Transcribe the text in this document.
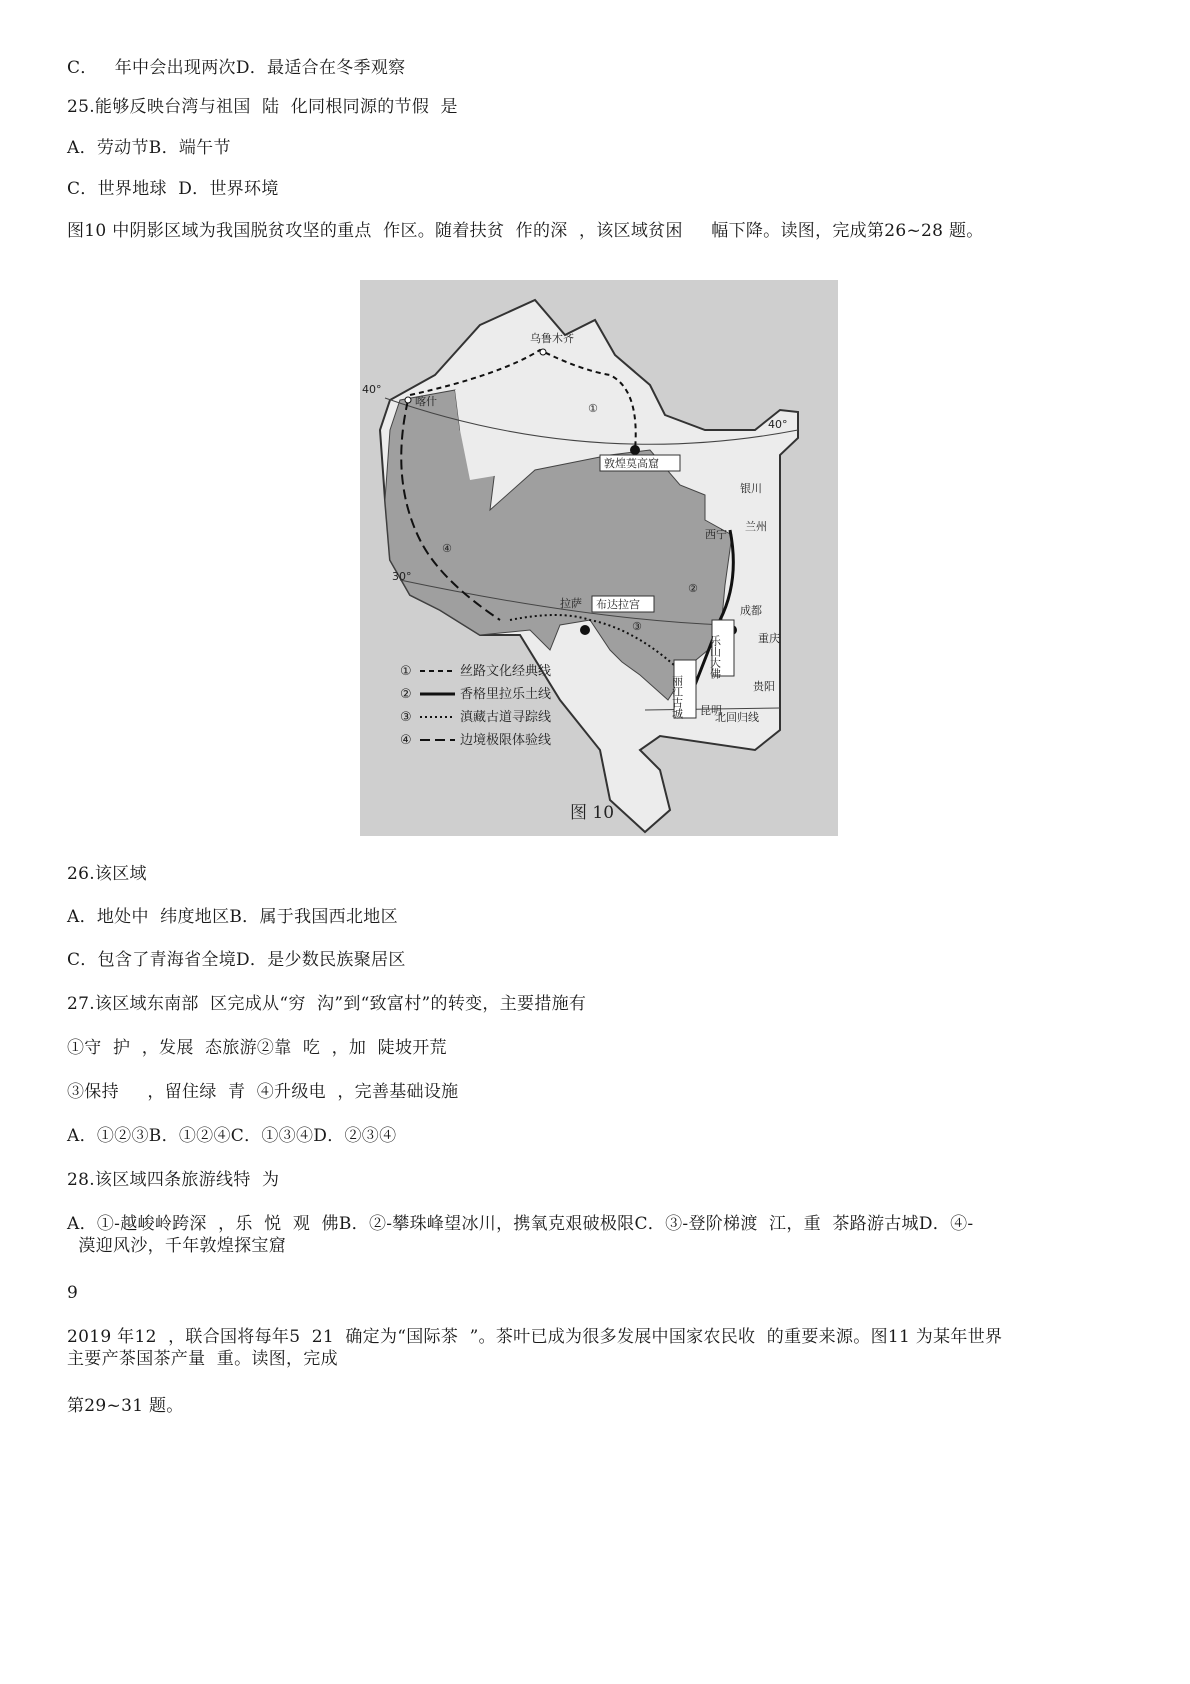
C．   年中会出现两次D．最适合在冬季观察
25.能够反映台湾与祖国  陆  化同根同源的节假  是
A．劳动节B．端午节
C．世界地球  D．世界环境
图10 中阴影区域为我国脱贫攻坚的重点  作区。随着扶贫  作的深  ，该区域贫困     幅下降。读图，完成第26~28 题。
乌鲁木齐
敦煌莫高窟
喀什
银川
兰州
西宁
拉萨 布达拉宫	成都
重庆
贵阳
昆明
北回归线
丽江古城
乐山大佛
40°
40°
30°
①
②
③
④
①	丝路文化经典线
②	香格里拉乐土线
③	滇藏古道寻踪线
④	边境极限体验线
图 10
26.该区域
A．地处中  纬度地区B．属于我国西北地区
C．包含了青海省全境D．是少数民族聚居区
27.该区域东南部  区完成从“穷  沟”到“致富村”的转变，主要措施有
①守  护  ，发展  态旅游②靠  吃  ，加  陡坡开荒
③保持     ，留住绿  青  ④升级电  ，完善基础设施
A．①②③B．①②④C．①③④D．②③④
28.该区域四条旅游线特  为
A．①-越峻岭跨深  ，乐  悦  观  佛B．②-攀珠峰望冰川，携氧克艰破极限C．③-登阶梯渡  江，重  茶路游古城D．④-
漠迎风沙，千年敦煌探宝窟
9
2019 年12  ，联合国将每年5  21  确定为“国际茶  ”。茶叶已成为很多发展中国家农民收  的重要来源。图11 为某年世界
主要产茶国茶产量  重。读图，完成
第29~31 题。
